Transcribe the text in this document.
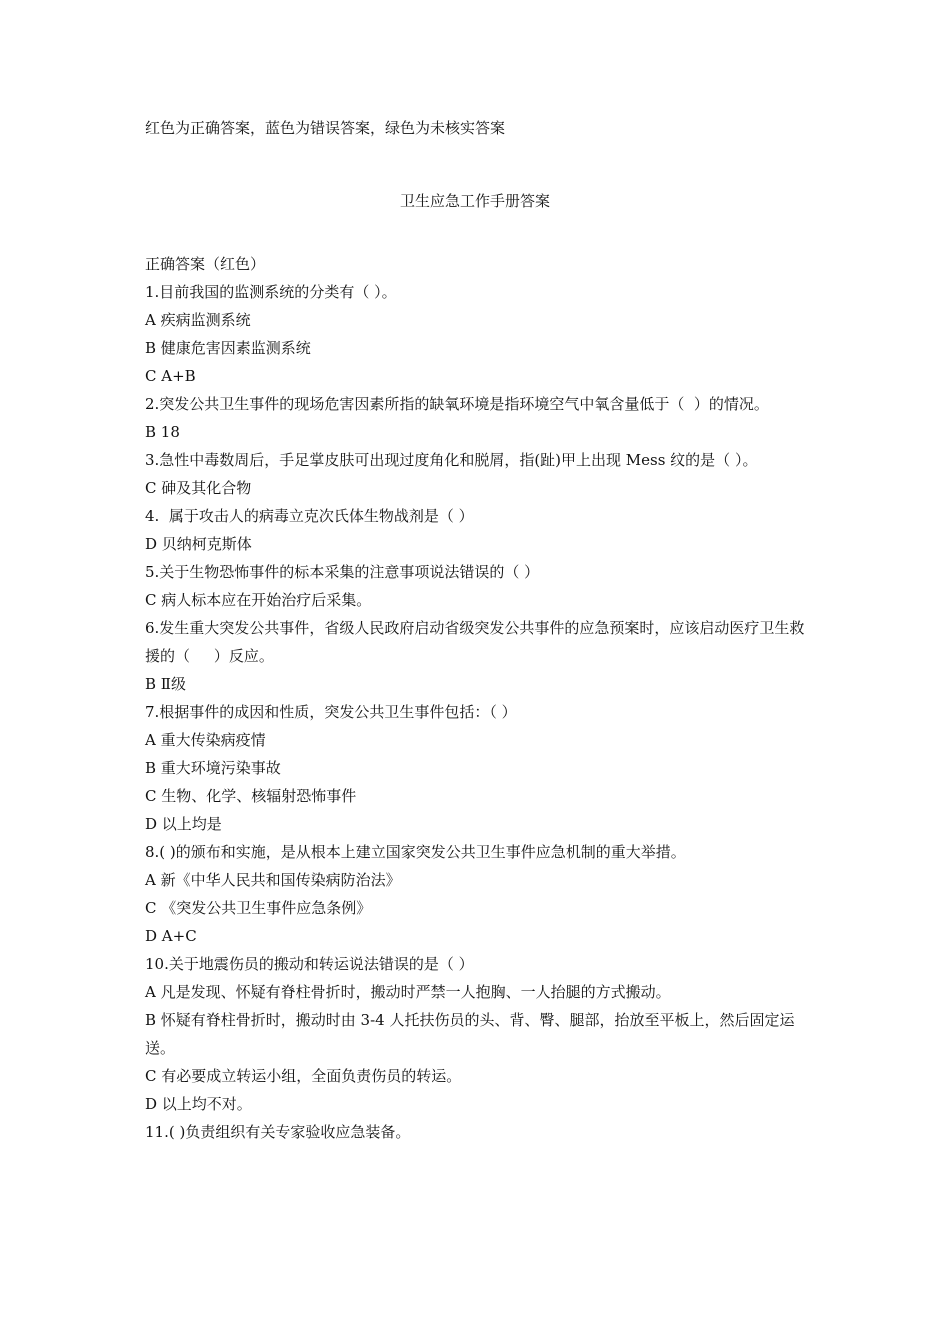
红色为正确答案，蓝色为错误答案，绿色为未核实答案
卫生应急工作手册答案

正确答案（红色）

1.目前我国的监测系统的分类有（ ）。

A 疾病监测系统

B 健康危害因素监测系统

C A+B

2.突发公共卫生事件的现场危害因素所指的缺氧环境是指环境空气中氧含量低于（  ）的情况。

B 18

3.急性中毒数周后，手足掌皮肤可出现过度角化和脱屑，指(趾)甲上出现 Mess 纹的是（ ）。

C 砷及其化合物

4.  属于攻击人的病毒立克次氏体生物战剂是（ ）

D 贝纳柯克斯体

5.关于生物恐怖事件的标本采集的注意事项说法错误的（ ）

C 病人标本应在开始治疗后采集。

6.发生重大突发公共事件，省级人民政府启动省级突发公共事件的应急预案时，应该启动医疗卫生救援的（     ）反应。

B Ⅱ级

7.根据事件的成因和性质，突发公共卫生事件包括：（ ）

A 重大传染病疫情

B 重大环境污染事故

C 生物、化学、核辐射恐怖事件

D 以上均是

8.( )的颁布和实施，是从根本上建立国家突发公共卫生事件应急机制的重大举措。

A 新《中华人民共和国传染病防治法》

C 《突发公共卫生事件应急条例》

D A+C

10.关于地震伤员的搬动和转运说法错误的是（ ）

A 凡是发现、怀疑有脊柱骨折时，搬动时严禁一人抱胸、一人抬腿的方式搬动。

B 怀疑有脊柱骨折时，搬动时由 3-4 人托扶伤员的头、背、臀、腿部，抬放至平板上，然后固定运送。

C 有必要成立转运小组，全面负责伤员的转运。

D 以上均不对。

11.( )负责组织有关专家验收应急装备。
